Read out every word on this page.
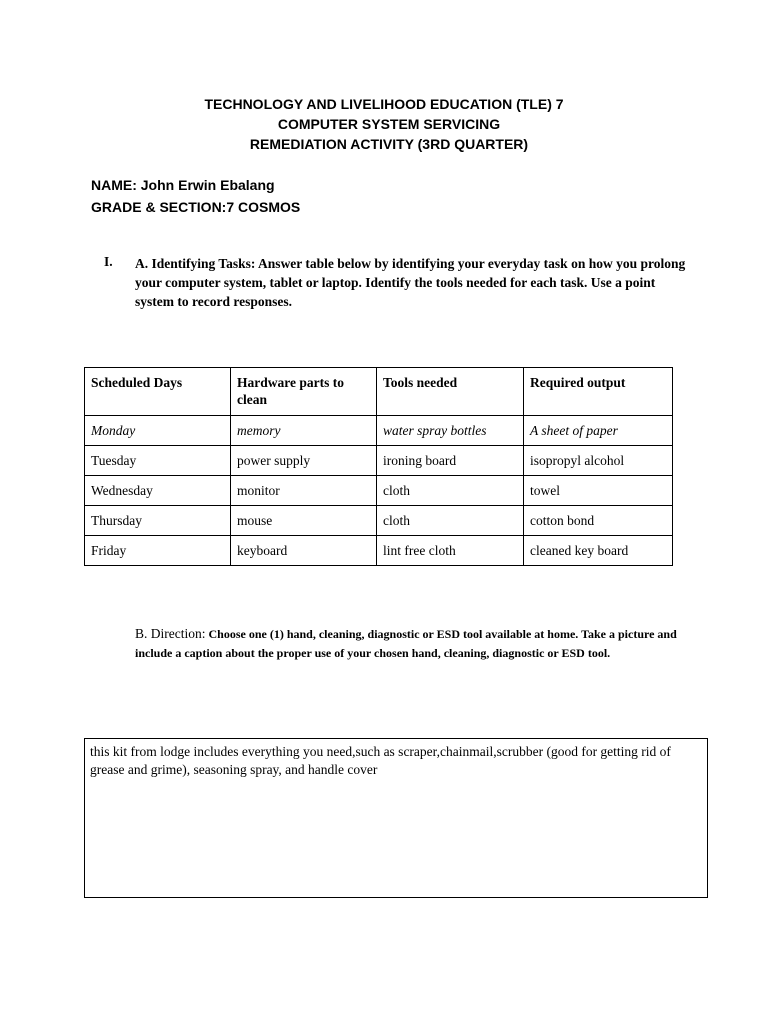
TECHNOLOGY AND LIVELIHOOD EDUCATION (TLE) 7
COMPUTER SYSTEM SERVICING
REMEDIATION ACTIVITY (3RD QUARTER)
NAME: John Erwin Ebalang
GRADE & SECTION:7 COSMOS
I. A. Identifying Tasks: Answer table below by identifying your everyday task on how you prolong your computer system, tablet or laptop. Identify the tools needed for each task. Use a point system to record responses.
Scheduled Days	Hardware parts to clean	Tools needed	Required output
Monday	memory	water spray bottles	A sheet of paper
Tuesday	power supply	ironing board	isopropyl alcohol
Wednesday	monitor	cloth	towel
Thursday	mouse	cloth	cotton bond
Friday	keyboard	lint free cloth	cleaned key board
B. Direction: Choose one (1) hand, cleaning, diagnostic or ESD tool available at home. Take a picture and include a caption about the proper use of your chosen hand, cleaning, diagnostic or ESD tool.
this kit from lodge includes everything you need,such as scraper,chainmail,scrubber (good for getting rid of grease and grime), seasoning spray, and handle cover
